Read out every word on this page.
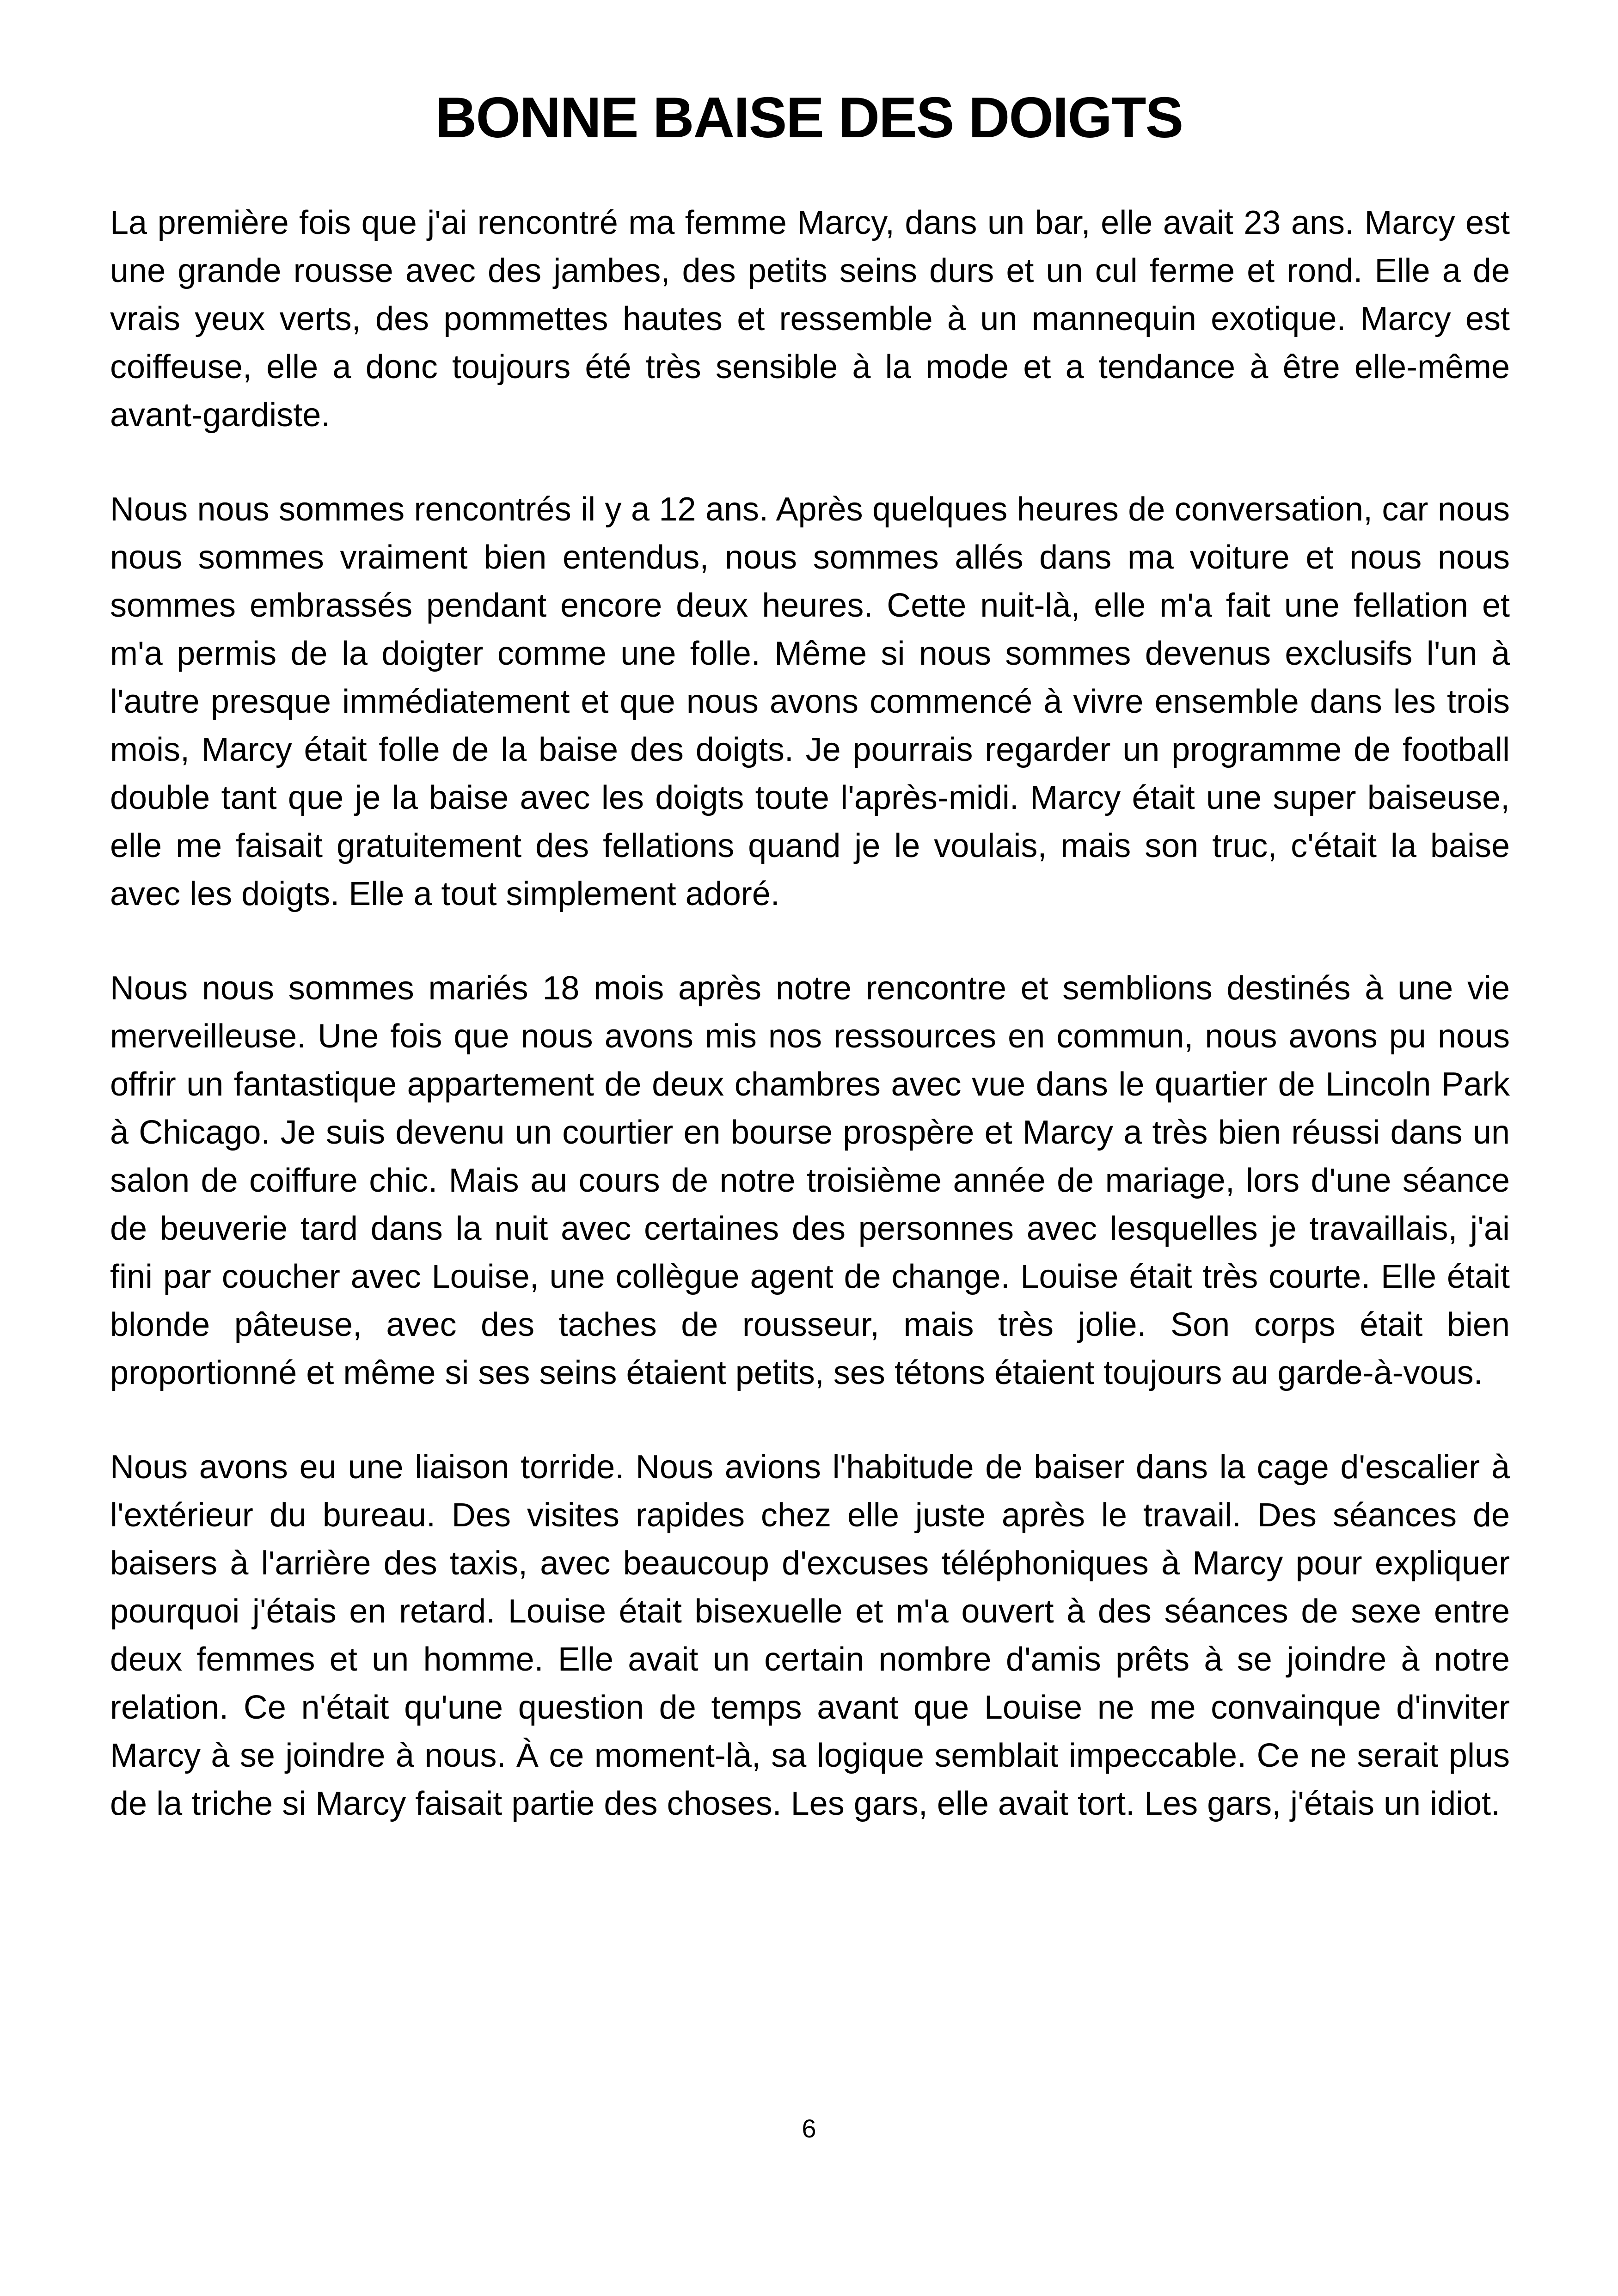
BONNE BAISE DES DOIGTS

La première fois que j'ai rencontré ma femme Marcy, dans un bar, elle avait 23 ans. Marcy est une grande rousse avec des jambes, des petits seins durs et un cul ferme et rond. Elle a de vrais yeux verts, des pommettes hautes et ressemble à un mannequin exotique. Marcy est coiffeuse, elle a donc toujours été très sensible à la mode et a tendance à être elle-même avant-gardiste.

Nous nous sommes rencontrés il y a 12 ans. Après quelques heures de conversation, car nous nous sommes vraiment bien entendus, nous sommes allés dans ma voiture et nous nous sommes embrassés pendant encore deux heures. Cette nuit-là, elle m'a fait une fellation et m'a permis de la doigter comme une folle. Même si nous sommes devenus exclusifs l'un à l'autre presque immédiatement et que nous avons commencé à vivre ensemble dans les trois mois, Marcy était folle de la baise des doigts. Je pourrais regarder un programme de football double tant que je la baise avec les doigts toute l'après-midi. Marcy était une super baiseuse, elle me faisait gratuitement des fellations quand je le voulais, mais son truc, c'était la baise avec les doigts. Elle a tout simplement adoré.

Nous nous sommes mariés 18 mois après notre rencontre et semblions destinés à une vie merveilleuse. Une fois que nous avons mis nos ressources en commun, nous avons pu nous offrir un fantastique appartement de deux chambres avec vue dans le quartier de Lincoln Park à Chicago. Je suis devenu un courtier en bourse prospère et Marcy a très bien réussi dans un salon de coiffure chic. Mais au cours de notre troisième année de mariage, lors d'une séance de beuverie tard dans la nuit avec certaines des personnes avec lesquelles je travaillais, j'ai fini par coucher avec Louise, une collègue agent de change. Louise était très courte. Elle était blonde pâteuse, avec des taches de rousseur, mais très jolie. Son corps était bien proportionné et même si ses seins étaient petits, ses tétons étaient toujours au garde-à-vous.

Nous avons eu une liaison torride. Nous avions l'habitude de baiser dans la cage d'escalier à l'extérieur du bureau. Des visites rapides chez elle juste après le travail. Des séances de baisers à l'arrière des taxis, avec beaucoup d'excuses téléphoniques à Marcy pour expliquer pourquoi j'étais en retard. Louise était bisexuelle et m'a ouvert à des séances de sexe entre deux femmes et un homme. Elle avait un certain nombre d'amis prêts à se joindre à notre relation. Ce n'était qu'une question de temps avant que Louise ne me convainque d'inviter Marcy à se joindre à nous. À ce moment-là, sa logique semblait impeccable. Ce ne serait plus de la triche si Marcy faisait partie des choses. Les gars, elle avait tort. Les gars, j'étais un idiot.

6
